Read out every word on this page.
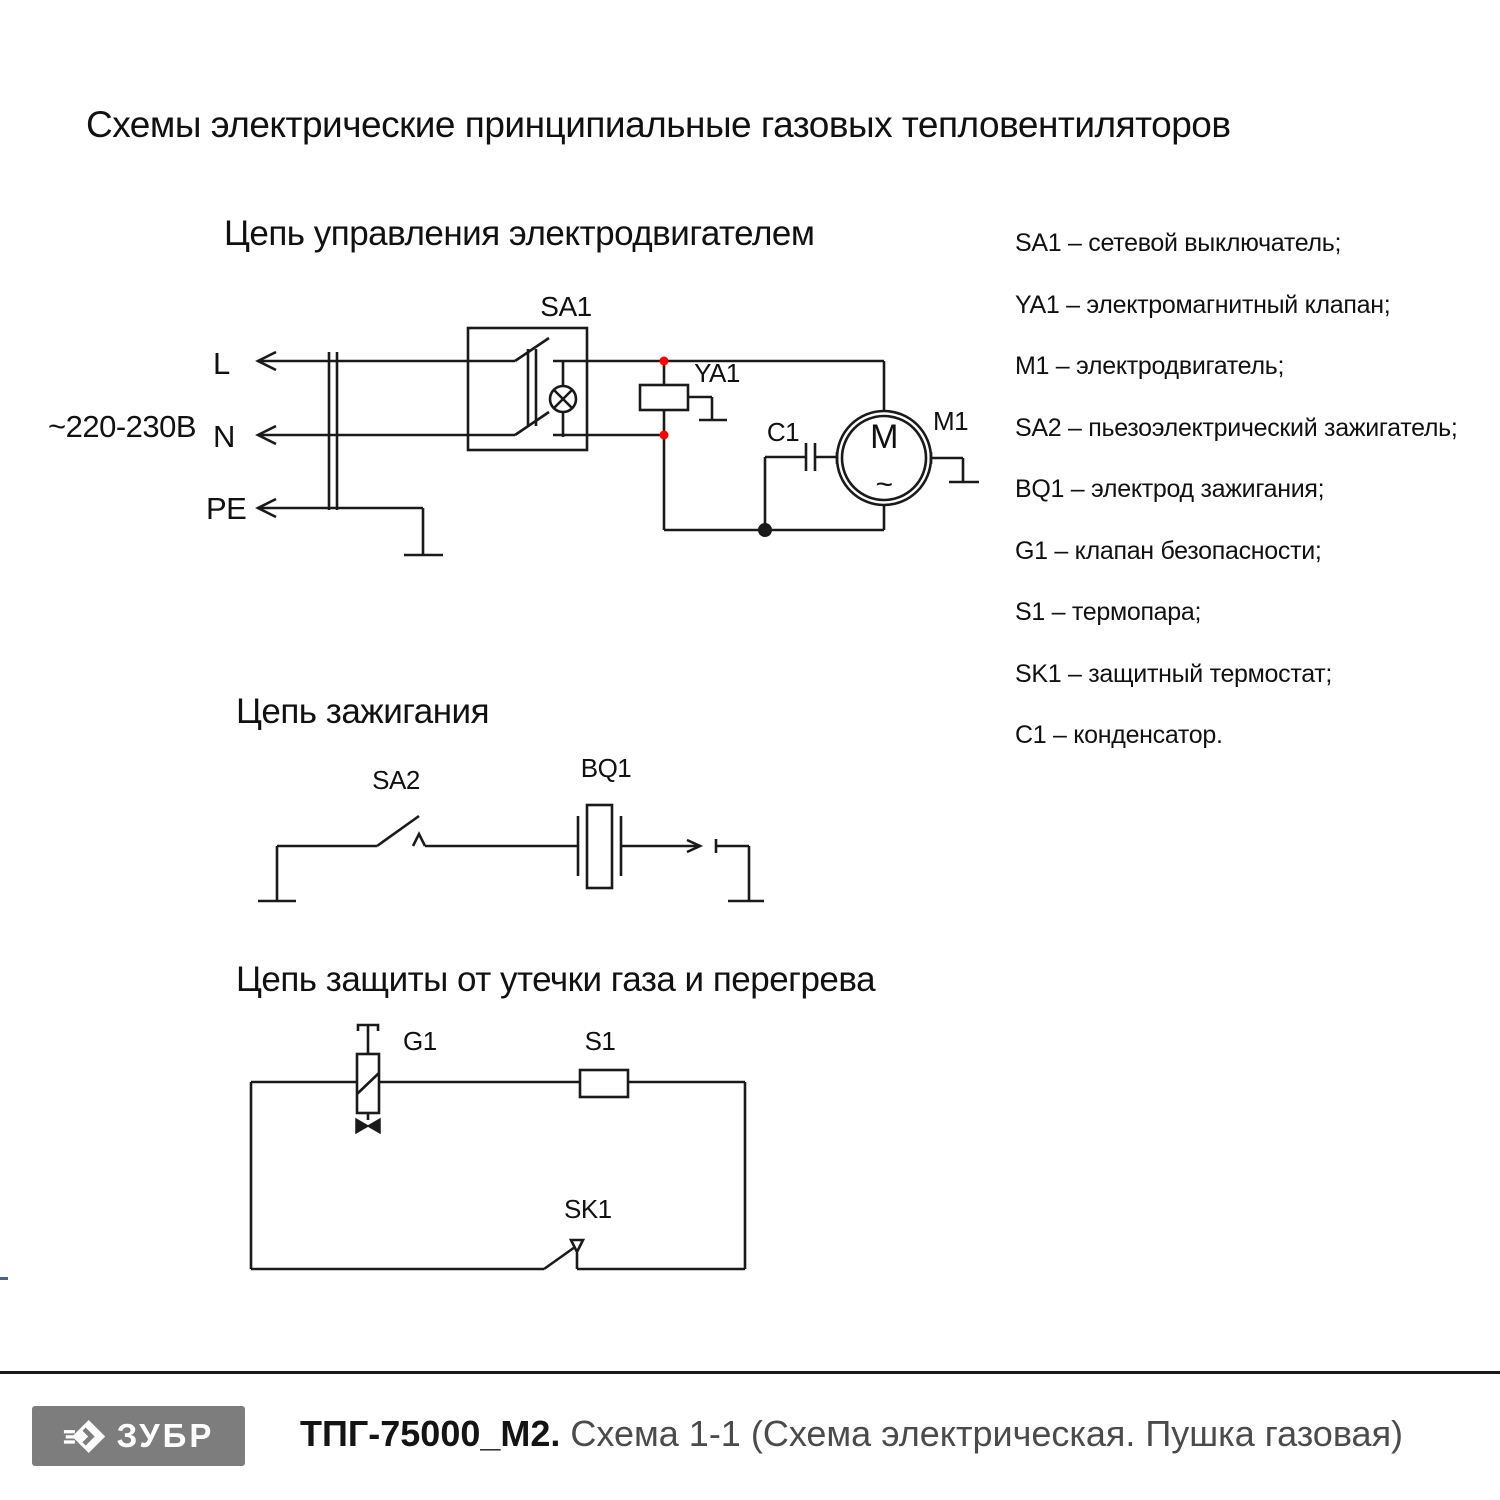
Схемы электрические принципиальные газовых тепловентиляторов
Цепь управления электродвигателем
M
~
~220-230В
L
N
PE
SA1
YA1
C1	M1
SA1 – сетевой выключатель;
YA1 – электромагнитный клапан;
M1 – электродвигатель;
SA2 – пьезоэлектрический зажигатель;
BQ1 – электрод зажигания;
G1 – клапан безопасности;
S1 – термопара;
SK1 – защитный термостат;
C1 – конденсатор.
Цепь зажигания
SA2	BQ1
Цепь защиты от утечки газа и перегрева
G1	S1
SK1
ЗУБР ТПГ-75000_М2. Схема 1-1 (Схема электрическая. Пушка газовая)
